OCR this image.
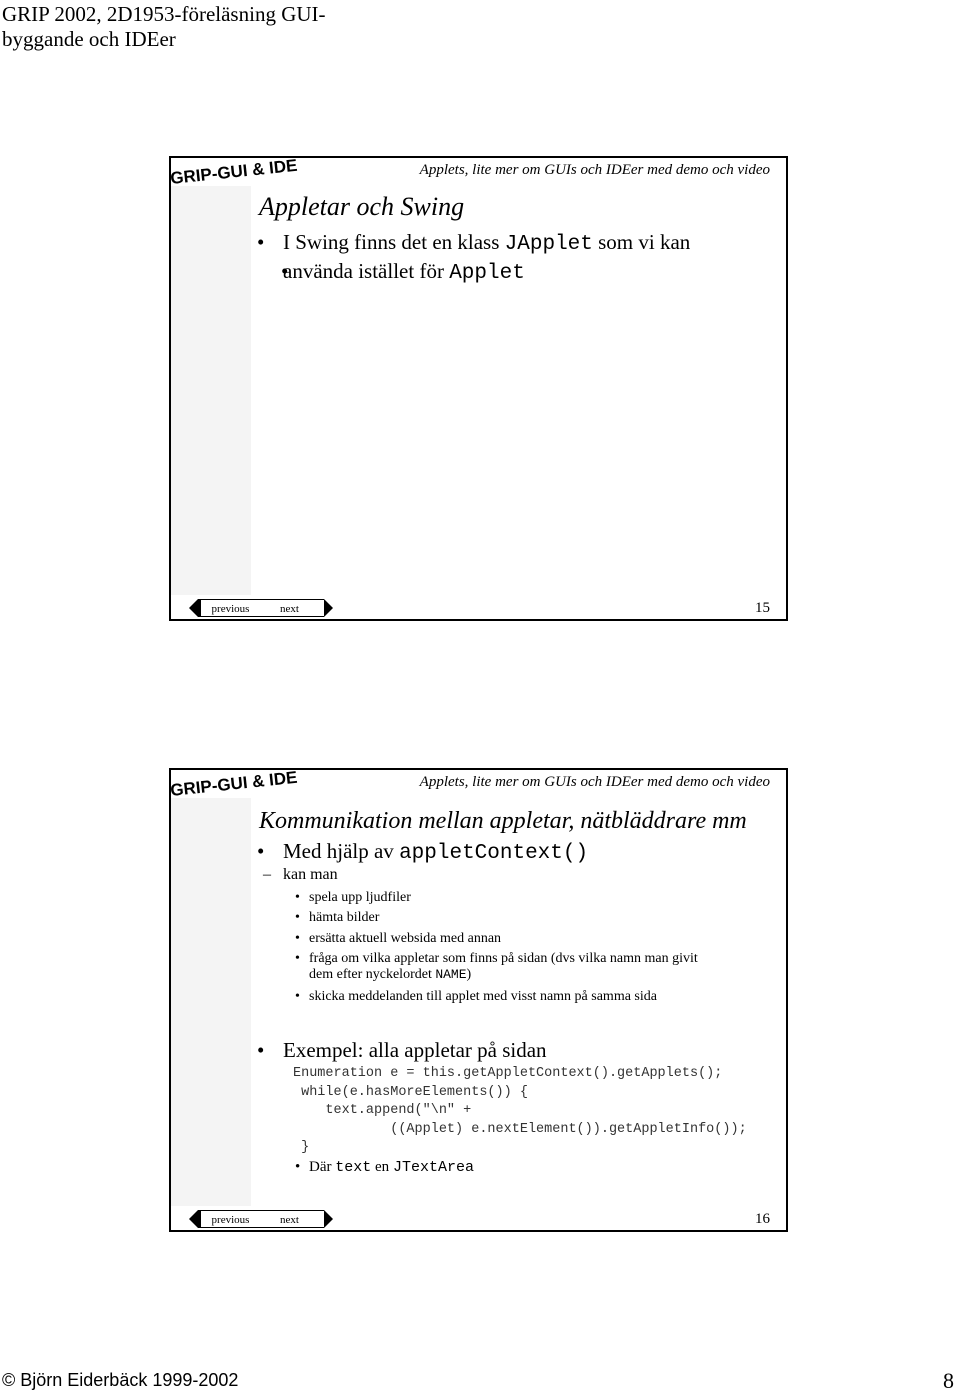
GRIP 2002, 2D1953-föreläsning GUI-byggande och IDEer
GRIP-GUI & IDE	Applets, lite mer om GUIs och IDEer med demo och video
Appletar och Swing
• I Swing finns det en klass JApplet som vi kan
• använda istället för Applet
previous	next	15
GRIP-GUI & IDE	Applets, lite mer om GUIs och IDEer med demo och video
Kommunikation mellan appletar, nätbläddrare mm
• Med hjälp av appletContext()
– kan man
• spela upp ljudfiler
• hämta bilder
• ersätta aktuell websida med annan
• fråga om vilka appletar som finns på sidan (dvs vilka namn man givit
dem efter nyckelordet NAME)
• skicka meddelanden till applet med visst namn på samma sida
• Exempel: alla appletar på sidan
Enumeration e = this.getAppletContext().getApplets();
while(e.hasMoreElements()) {
text.append("\n" +
((Applet) e.nextElement()).getAppletInfo());
}
• Där text en JTextArea
previous	next	16
© Björn Eiderbäck 1999-2002	8
